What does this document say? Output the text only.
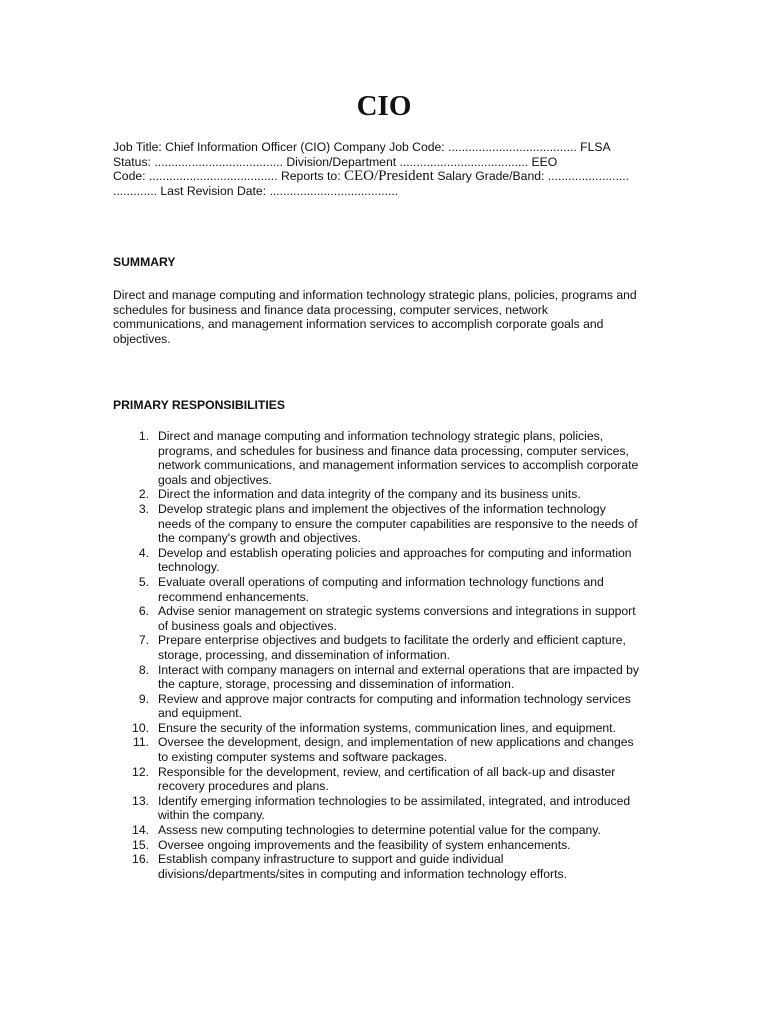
CIO
Job Title: Chief Information Officer (CIO) Company Job Code: ...................................... FLSA
Status: ...................................... Division/Department ...................................... EEO
Code: ...................................... Reports to: CEO/President Salary Grade/Band: ........................
............. Last Revision Date: ......................................
SUMMARY

Direct and manage computing and information technology strategic plans, policies, programs and
schedules for business and finance data processing, computer services, network
communications, and management information services to accomplish corporate goals and
objectives.

PRIMARY RESPONSIBILITIES
1. Direct and manage computing and information technology strategic plans, policies,
programs, and schedules for business and finance data processing, computer services,
network communications, and management information services to accomplish corporate
goals and objectives.
2. Direct the information and data integrity of the company and its business units.
3. Develop strategic plans and implement the objectives of the information technology
needs of the company to ensure the computer capabilities are responsive to the needs of
the company's growth and objectives.
4. Develop and establish operating policies and approaches for computing and information
technology.
5. Evaluate overall operations of computing and information technology functions and
recommend enhancements.
6. Advise senior management on strategic systems conversions and integrations in support
of business goals and objectives.
7. Prepare enterprise objectives and budgets to facilitate the orderly and efficient capture,
storage, processing, and dissemination of information.
8. Interact with company managers on internal and external operations that are impacted by
the capture, storage, processing and dissemination of information.
9. Review and approve major contracts for computing and information technology services
and equipment.
10. Ensure the security of the information systems, communication lines, and equipment.
11. Oversee the development, design, and implementation of new applications and changes
to existing computer systems and software packages.
12. Responsible for the development, review, and certification of all back-up and disaster
recovery procedures and plans.
13. Identify emerging information technologies to be assimilated, integrated, and introduced
within the company.
14. Assess new computing technologies to determine potential value for the company.
15. Oversee ongoing improvements and the feasibility of system enhancements.
16. Establish company infrastructure to support and guide individual
divisions/departments/sites in computing and information technology efforts.
